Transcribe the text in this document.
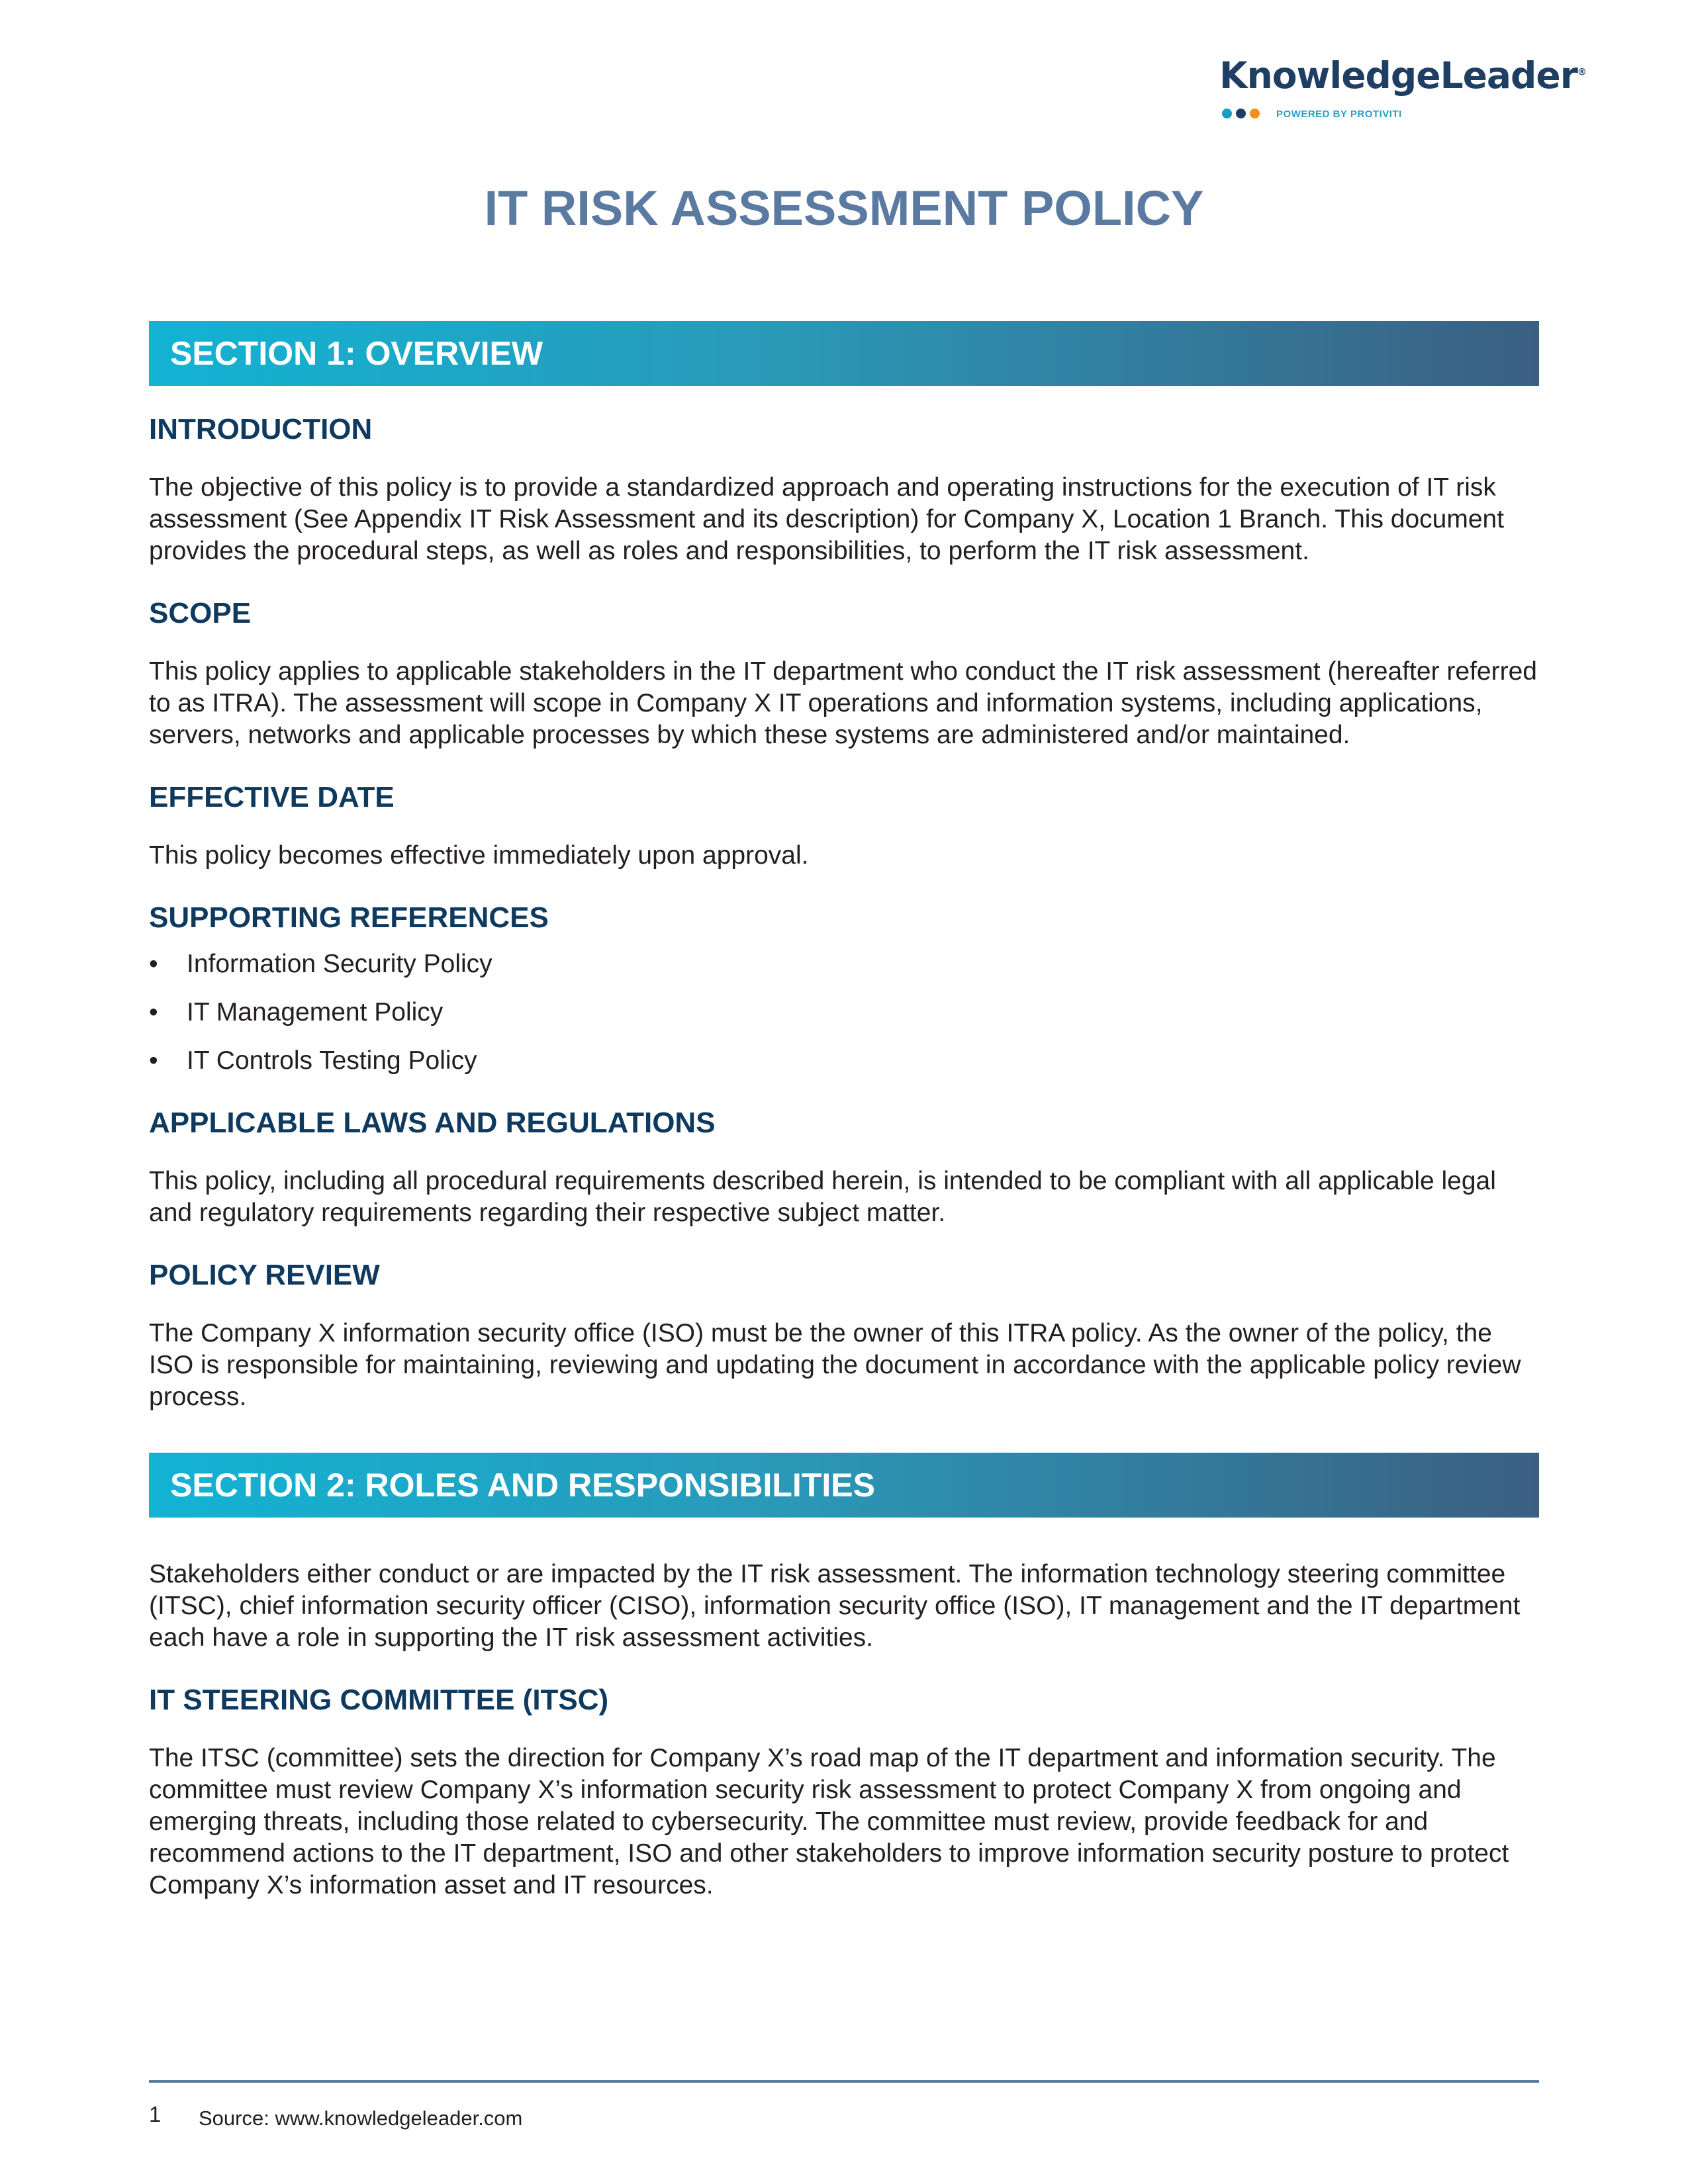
KnowledgeLeader®
POWERED BY PROTIVITI
IT RISK ASSESSMENT POLICY
SECTION 1: OVERVIEW
INTRODUCTION

The objective of this policy is to provide a standardized approach and operating instructions for the execution of IT risk assessment (See Appendix IT Risk Assessment and its description) for Company X, Location 1 Branch. This document provides the procedural steps, as well as roles and responsibilities, to perform the IT risk assessment.

SCOPE

This policy applies to applicable stakeholders in the IT department who conduct the IT risk assessment (hereafter referred to as ITRA). The assessment will scope in Company X IT operations and information systems, including applications, servers, networks and applicable processes by which these systems are administered and/or maintained.

EFFECTIVE DATE

This policy becomes effective immediately upon approval.

SUPPORTING REFERENCES
• Information Security Policy
• IT Management Policy
• IT Controls Testing Policy
APPLICABLE LAWS AND REGULATIONS

This policy, including all procedural requirements described herein, is intended to be compliant with all applicable legal and regulatory requirements regarding their respective subject matter.

POLICY REVIEW

The Company X information security office (ISO) must be the owner of this ITRA policy. As the owner of the policy, the ISO is responsible for maintaining, reviewing and updating the document in accordance with the applicable policy review process.

SECTION 2: ROLES AND RESPONSIBILITIES

Stakeholders either conduct or are impacted by the IT risk assessment. The information technology steering committee (ITSC), chief information security officer (CISO), information security office (ISO), IT management and the IT department each have a role in supporting the IT risk assessment activities.

IT STEERING COMMITTEE (ITSC)

The ITSC (committee) sets the direction for Company X’s road map of the IT department and information security. The committee must review Company X’s information security risk assessment to protect Company X from ongoing and emerging threats, including those related to cybersecurity. The committee must review, provide feedback for and recommend actions to the IT department, ISO and other stakeholders to improve information security posture to protect Company X’s information asset and IT resources.

1 Source: www.knowledgeleader.com
